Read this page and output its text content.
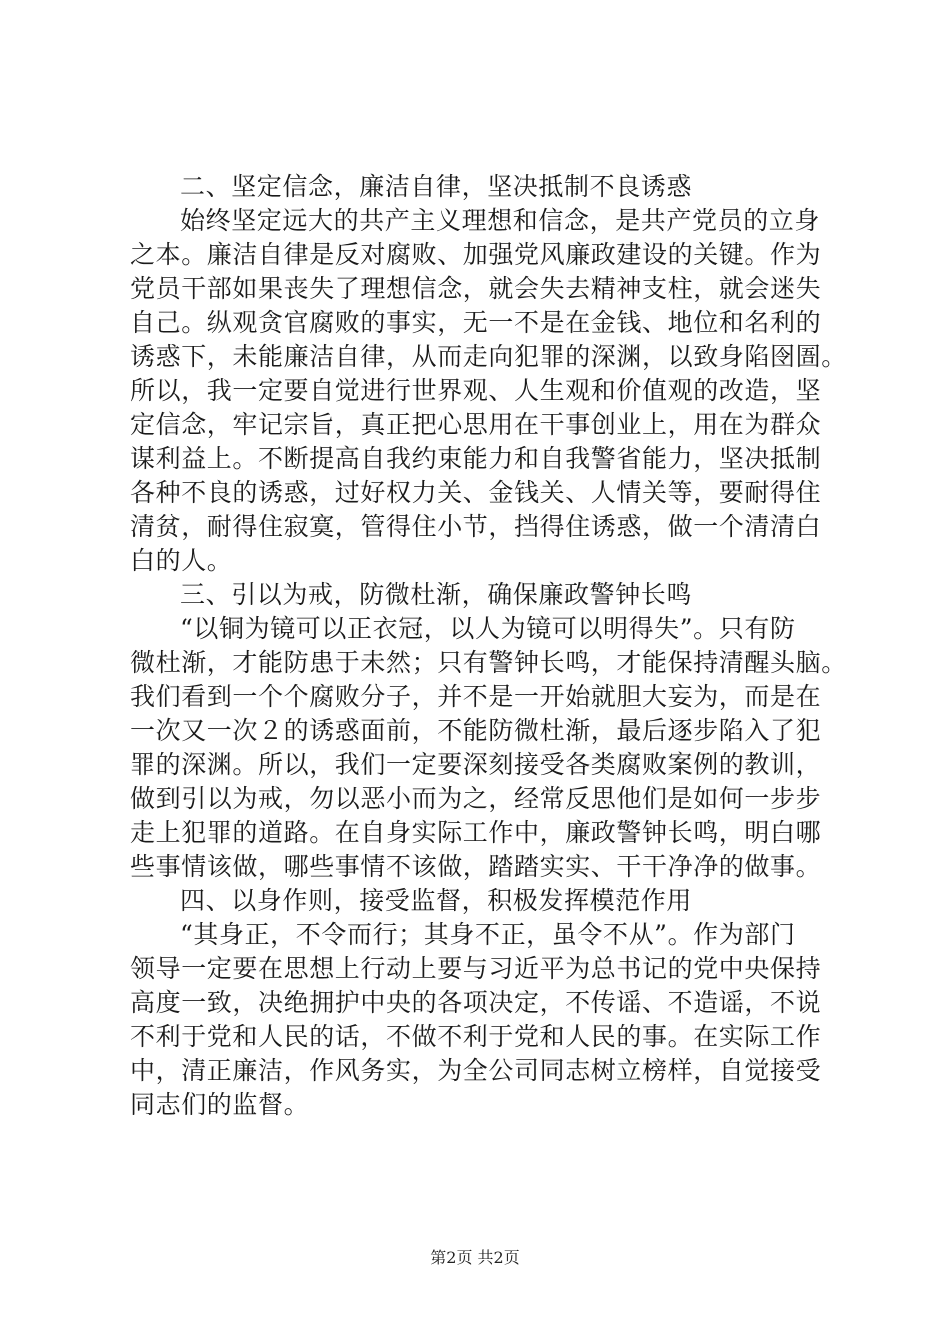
二、坚定信念，廉洁自律，坚决抵制不良诱惑
始终坚定远大的共产主义理想和信念，是共产党员的立身
之本。廉洁自律是反对腐败、加强党风廉政建设的关键。作为
党员干部如果丧失了理想信念，就会失去精神支柱，就会迷失
自己。纵观贪官腐败的事实，无一不是在金钱、地位和名利的
诱惑下，未能廉洁自律，从而走向犯罪的深渊，以致身陷囹圄。
所以，我一定要自觉进行世界观、人生观和价值观的改造，坚
定信念，牢记宗旨，真正把心思用在干事创业上，用在为群众
谋利益上。不断提高自我约束能力和自我警省能力，坚决抵制
各种不良的诱惑，过好权力关、金钱关、人情关等，要耐得住
清贫，耐得住寂寞，管得住小节，挡得住诱惑，做一个清清白
白的人。
三、引以为戒，防微杜渐，确保廉政警钟长鸣
“以铜为镜可以正衣冠，以人为镜可以明得失”。只有防
微杜渐，才能防患于未然；只有警钟长鸣，才能保持清醒头脑。
我们看到一个个腐败分子，并不是一开始就胆大妄为，而是在
一次又一次２的诱惑面前，不能防微杜渐，最后逐步陷入了犯
罪的深渊。所以，我们一定要深刻接受各类腐败案例的教训，
做到引以为戒，勿以恶小而为之，经常反思他们是如何一步步
走上犯罪的道路。在自身实际工作中，廉政警钟长鸣，明白哪
些事情该做，哪些事情不该做，踏踏实实、干干净净的做事。
四、以身作则，接受监督，积极发挥模范作用
“其身正，不令而行；其身不正，虽令不从”。作为部门
领导一定要在思想上行动上要与习近平为总书记的党中央保持
高度一致，决绝拥护中央的各项决定，不传谣、不造谣，不说
不利于党和人民的话，不做不利于党和人民的事。在实际工作
中，清正廉洁，作风务实，为全公司同志树立榜样，自觉接受
同志们的监督。
第2页 共2页
